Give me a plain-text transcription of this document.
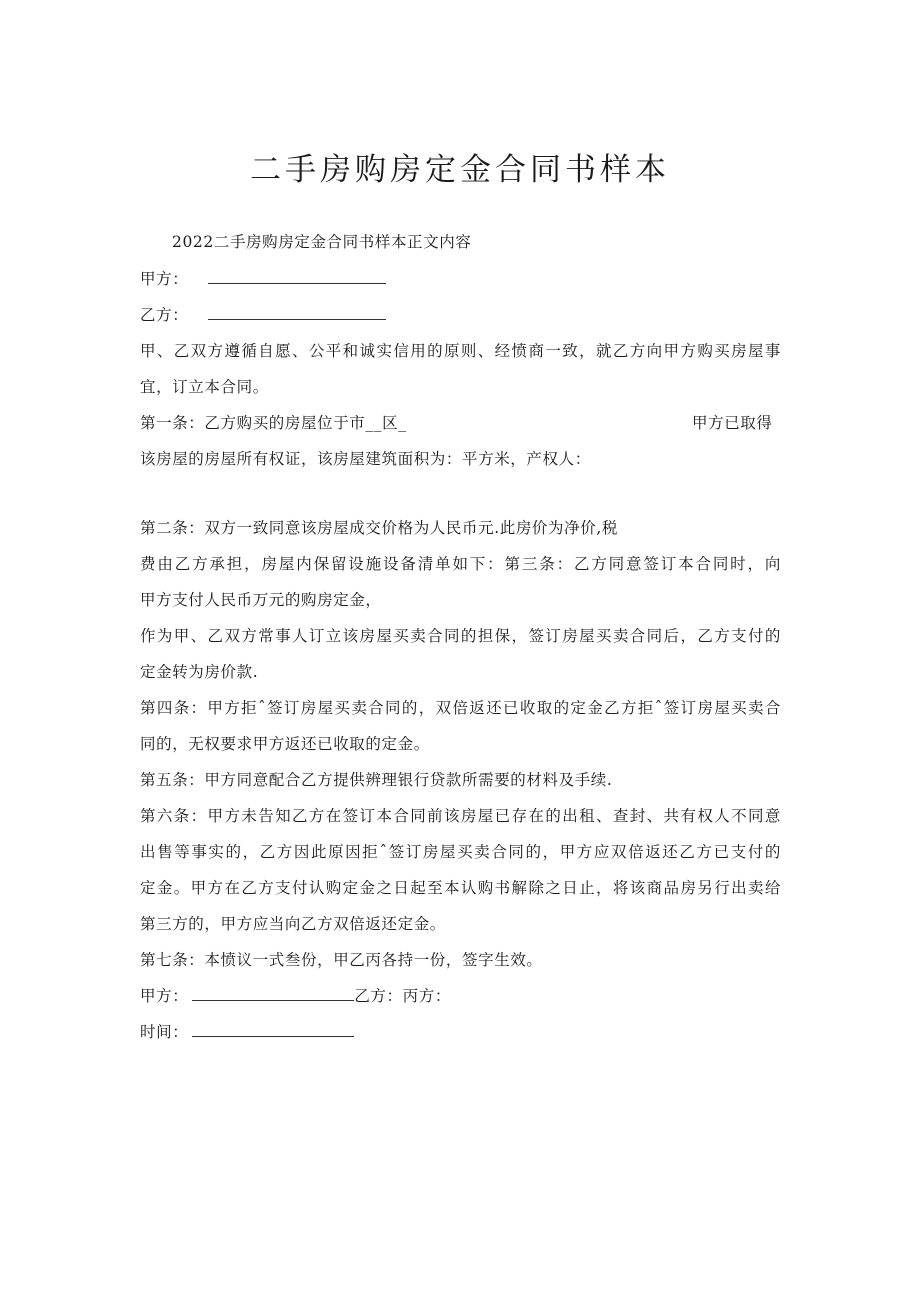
二手房购房定金合同书样本
2022二手房购房定金合同书样本正文内容
甲方：
乙方：
甲、乙双方遵循自愿、公平和诚实信用的原则、经愤商一致，就乙方向甲方购买房屋事
宜，订立本合同。
第一条：乙方购买的房屋位于市__区_	甲方已取得
该房屋的房屋所有权证，该房屋建筑面积为：平方米，产权人：
第二条：双方一致同意该房屋成交价格为人民币元.此房价为净价,税
费由乙方承担，房屋内保留设施设备清单如下：第三条：乙方同意签订本合同时，向
甲方支付人民币万元的购房定金，
作为甲、乙双方常事人订立该房屋买卖合同的担保，签订房屋买卖合同后，乙方支付的
定金转为房价款.
第四条：甲方拒ˆ签订房屋买卖合同的，双倍返还已收取的定金乙方拒ˆ签订房屋买卖合
同的，无权要求甲方返还已收取的定金。
第五条：甲方同意配合乙方提供辨理银行贷款所需要的材料及手续.
第六条：甲方未告知乙方在签订本合同前该房屋已存在的出租、查封、共有权人不同意
出售等事实的，乙方因此原因拒ˆ签订房屋买卖合同的，甲方应双倍返还乙方已支付的
定金。甲方在乙方支付认购定金之日起至本认购书解除之日止，将该商品房另行出卖给
第三方的，甲方应当向乙方双倍返还定金。
第七条：本愤议一式叁份，甲乙丙各持一份，签字生效。
甲方：	乙方：丙方：
时间：
